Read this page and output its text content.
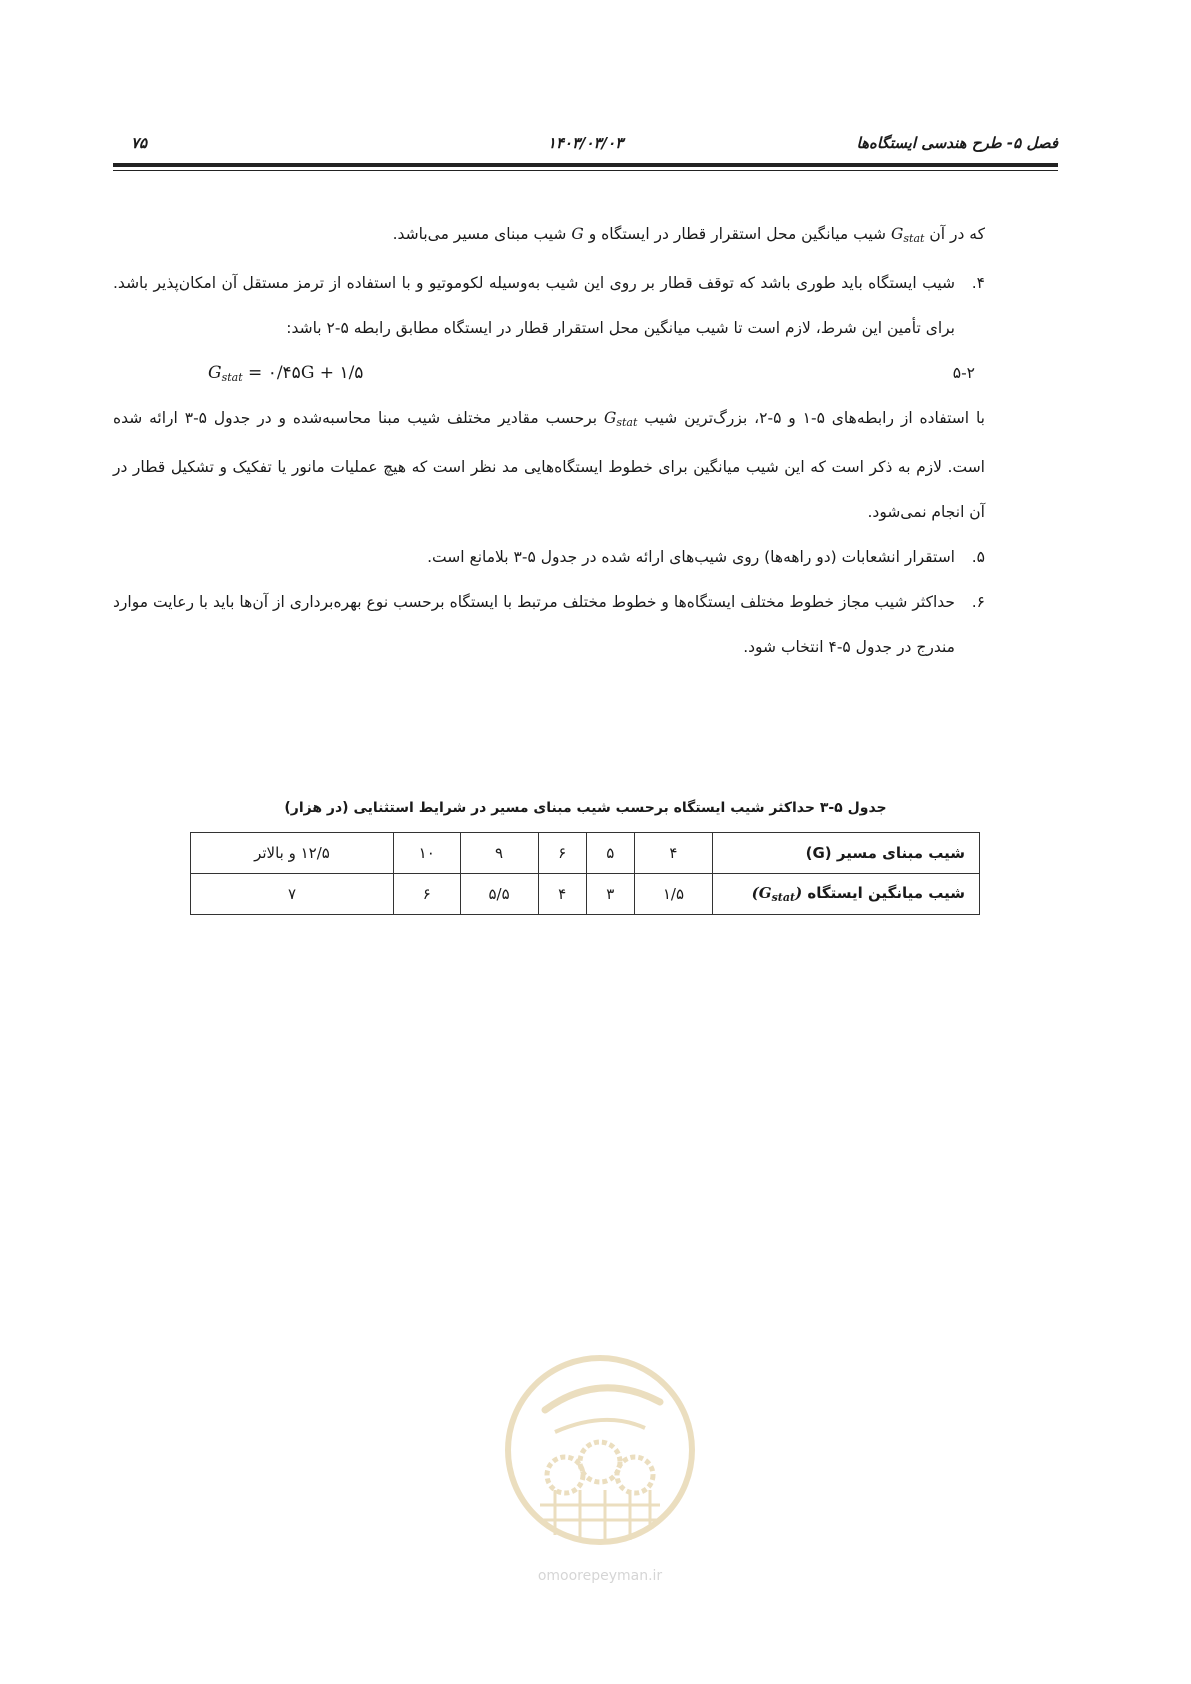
فصل ۵- طرح هندسی ایستگاه‌ها
۱۴۰۳/۰۳/۰۳
۷۵

که در آن $G_{stat}$ شیب میانگین محل استقرار قطار در ایستگاه و G شیب مبنای مسیر می‌باشد.

۴.
شیب ایستگاه باید طوری باشد که توقف قطار بر روی این شیب به‌وسیله لکوموتیو و با استفاده از ترمز مستقل آن امکان‌پذیر باشد. برای تأمین این شرط، لازم است تا شیب میانگین محل استقرار قطار در ایستگاه مطابق رابطه ۵-۲ باشد:

$G_{stat}$ = ۰/۴۵G + ۱/۵	۵-۲

با استفاده از رابطه‌های ۵-۱ و ۵-۲، بزرگ‌ترین شیب $G_{stat}$ برحسب مقادیر مختلف شیب مبنا محاسبه‌شده و در جدول ۵-۳ ارائه شده است. لازم به ذکر است که این شیب میانگین برای خطوط ایستگاه‌هایی مد نظر است که هیچ عملیات مانور یا تفکیک و تشکیل قطار در آن انجام نمی‌شود.

۵.
استقرار انشعابات (دو راهه‌ها) روی شیب‌های ارائه شده در جدول ۵-۳ بلامانع است.

۶.
حداکثر شیب مجاز خطوط مختلف ایستگاه‌ها و خطوط مختلف مرتبط با ایستگاه برحسب نوع بهره‌برداری از آن‌ها باید با رعایت موارد مندرج در جدول ۵-۴ انتخاب شود.

جدول ۵-۳ حداکثر شیب ایستگاه برحسب شیب مبنای مسیر در شرایط استثنایی (در هزار)
شیب مبنای مسیر (G)	۴	۵	۶	۹	۱۰	۱۲/۵ و بالاتر
شیب میانگین ایستگاه $(G_{stat})$	۱/۵	۳	۴	۵/۵	۶	۷
omoorepeyman.ir
